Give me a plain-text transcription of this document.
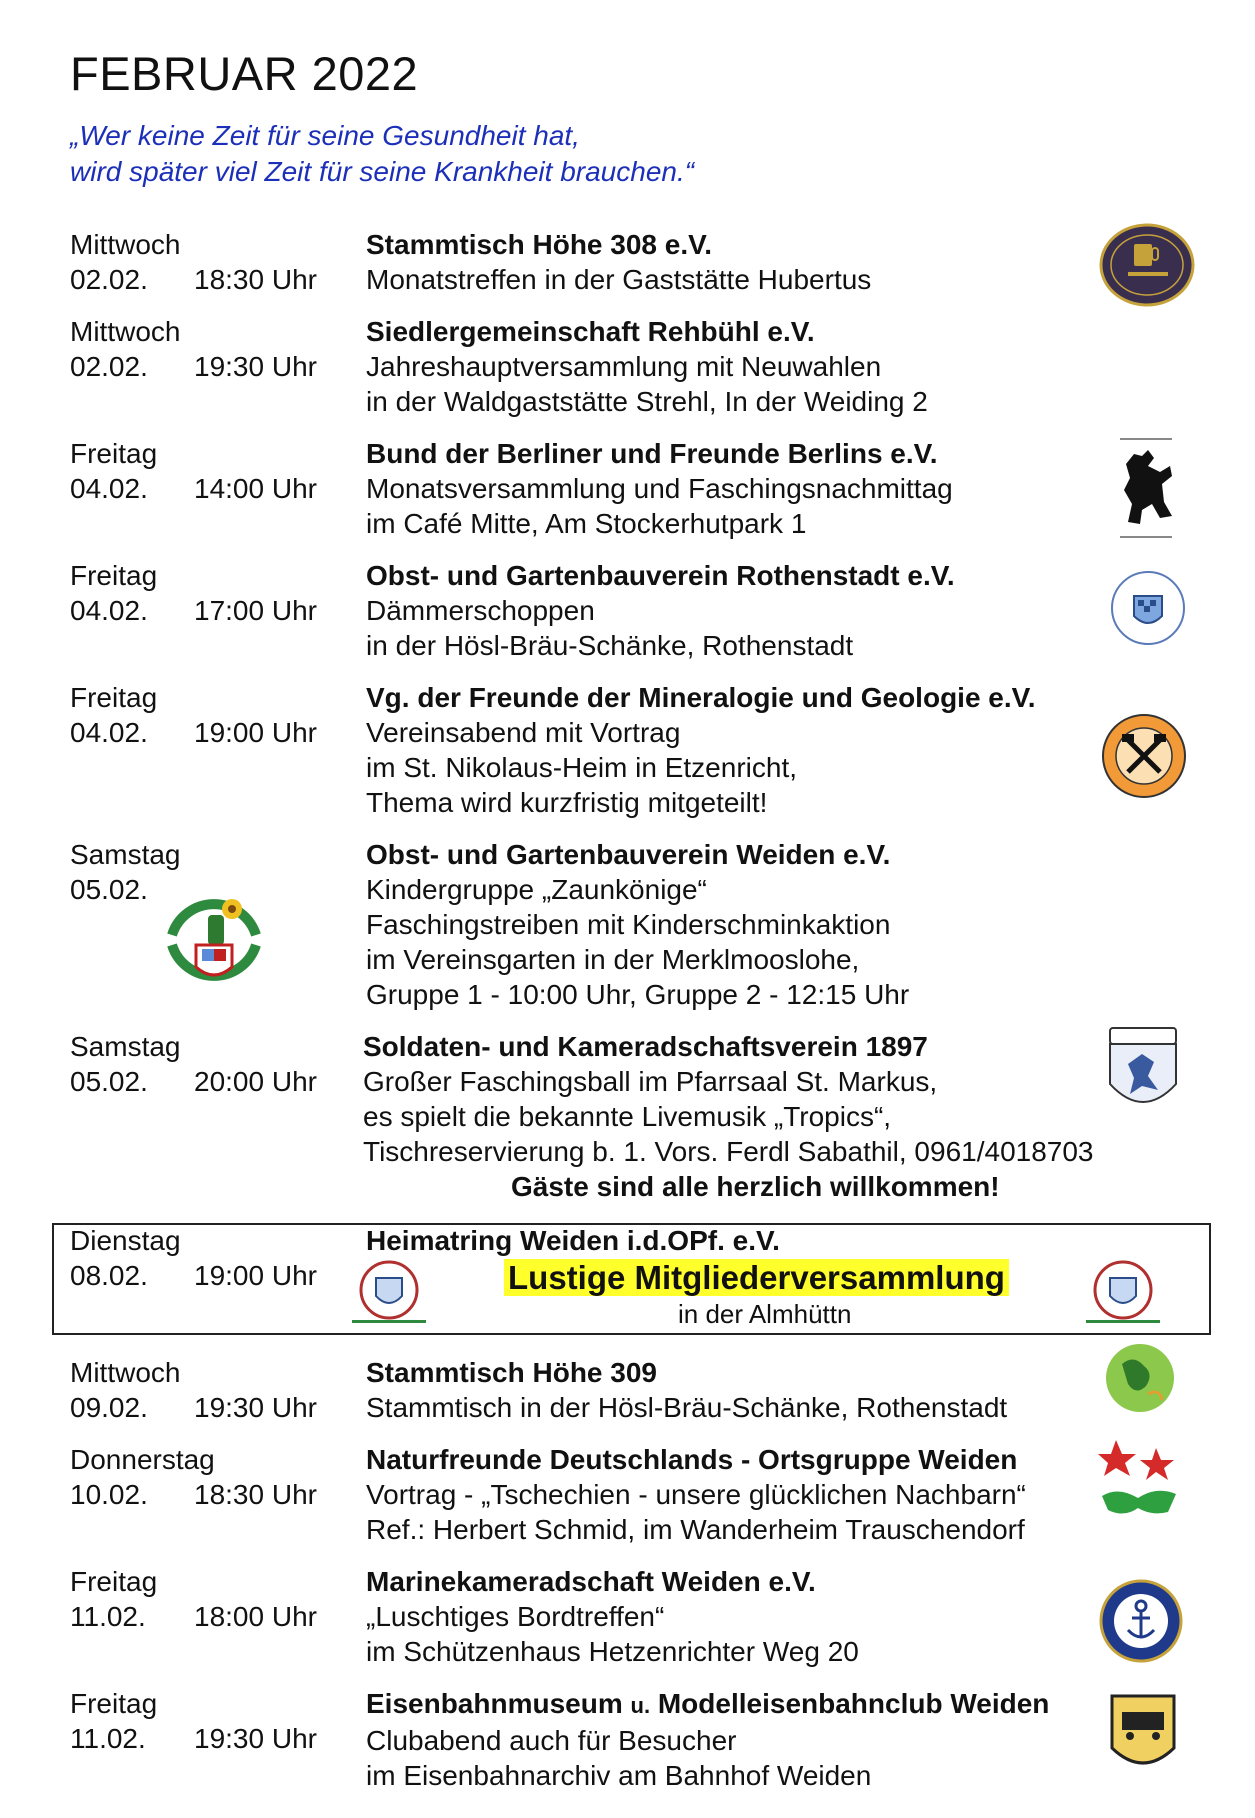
FEBRUAR 2022
„Wer keine Zeit für seine Gesundheit hat,
wird später viel Zeit für seine Krankheit brauchen.“
Mittwoch
02.02. 18:30 Uhr
Stammtisch Höhe 308 e.V.
Monatstreffen in der Gaststätte Hubertus
Mittwoch
02.02. 19:30 Uhr
Siedlergemeinschaft Rehbühl e.V.
Jahreshauptversammlung mit Neuwahlen
in der Waldgaststätte Strehl, In der Weiding 2
Freitag
04.02. 14:00 Uhr
Bund der Berliner und Freunde Berlins e.V.
Monatsversammlung und Faschingsnachmittag
im Café Mitte, Am Stockerhutpark 1
Freitag
04.02. 17:00 Uhr
Obst- und Gartenbauverein Rothenstadt e.V.
Dämmerschoppen
in der Hösl-Bräu-Schänke, Rothenstadt
Freitag
04.02. 19:00 Uhr
Vg. der Freunde der Mineralogie und Geologie e.V.
Vereinsabend mit Vortrag
im St. Nikolaus-Heim in Etzenricht,
Thema wird kurzfristig mitgeteilt!
Samstag
05.02.
Obst- und Gartenbauverein Weiden e.V.
Kindergruppe „Zaunkönige“
Faschingstreiben mit Kinderschminkaktion
im Vereinsgarten in der Merklmooslohe,
Gruppe 1 - 10:00 Uhr, Gruppe 2 - 12:15 Uhr
Samstag
05.02. 20:00 Uhr
Soldaten- und Kameradschaftsverein 1897
Großer Faschingsball im Pfarrsaal St. Markus,
es spielt die bekannte Livemusik „Tropics“,
Tischreservierung b. 1. Vors. Ferdl Sabathil, 0961/4018703
Gäste sind alle herzlich willkommen!
Dienstag
08.02. 19:00 Uhr
Heimatring Weiden i.d.OPf. e.V.
Lustige Mitgliederversammlung
in der Almhüttn
Mittwoch
09.02. 19:30 Uhr
Stammtisch Höhe 309
Stammtisch in der Hösl-Bräu-Schänke, Rothenstadt
Donnerstag
10.02. 18:30 Uhr
Naturfreunde Deutschlands - Ortsgruppe Weiden
Vortrag - „Tschechien - unsere glücklichen Nachbarn“
Ref.: Herbert Schmid, im Wanderheim Trauschendorf
Freitag
11.02. 18:00 Uhr
Marinekameradschaft Weiden e.V.
„Luschtiges Bordtreffen“
im Schützenhaus Hetzenrichter Weg 20
Freitag
11.02. 19:30 Uhr
Eisenbahnmuseum u. Modelleisenbahnclub Weiden
Clubabend auch für Besucher
im Eisenbahnarchiv am Bahnhof Weiden
